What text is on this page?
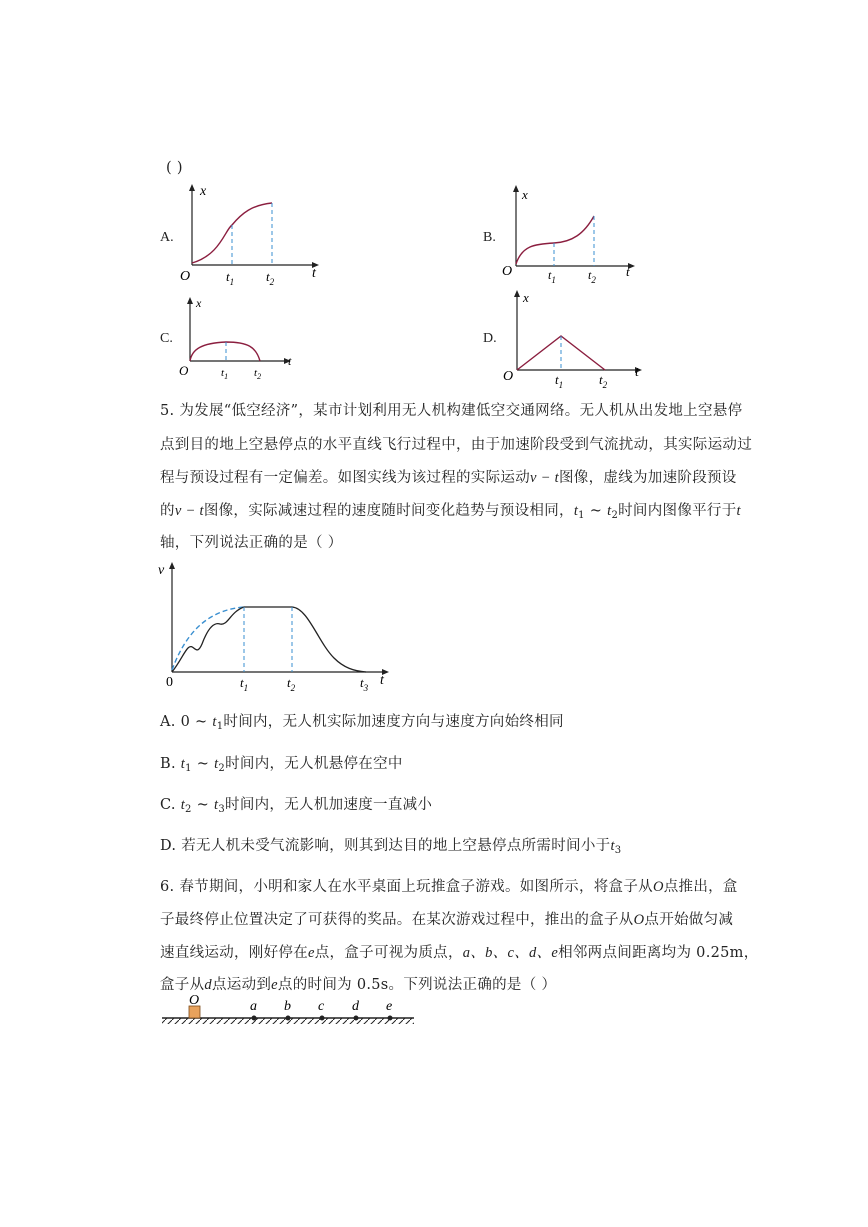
( )
A.
x
t
O	$t_1$ $t_2$
B.
x
t
O	$t_1$	$t_2$
C.
x
t
O	$t_1$ $t_2$
D.
x
t
O	$t_1$	$t_2$
5. 为发展“低空经济”，某市计划利用无人机构建低空交通网络。无人机从出发地上空悬停
点到目的地上空悬停点的水平直线飞行过程中，由于加速阶段受到气流扰动，其实际运动过
程与预设过程有一定偏差。如图实线为该过程的实际运动v − t图像，虚线为加速阶段预设
的v − t图像，实际减速过程的速度随时间变化趋势与预设相同，$t_1$ ~ $t_2$时间内图像平行于t
轴，下列说法正确的是（ ）
v
t
0	$t_1$	$t_2$	$t_3$
A. 0 ~ $t_1$时间内，无人机实际加速度方向与速度方向始终相同
B. $t_1$ ~ $t_2$时间内，无人机悬停在空中
C. $t_2$ ~ $t_3$时间内，无人机加速度一直减小
D. 若无人机未受气流影响，则其到达目的地上空悬停点所需时间小于$t_3$
6. 春节期间，小明和家人在水平桌面上玩推盒子游戏。如图所示，将盒子从O点推出，盒
子最终停止位置决定了可获得的奖品。在某次游戏过程中，推出的盒子从O点开始做匀减
速直线运动，刚好停在e点，盒子可视为质点，a、b、c、d、e相邻两点间距离均为 0.25m，
盒子从d点运动到e点的时间为 0.5s。下列说法正确的是（ ）
O	a b c d e
